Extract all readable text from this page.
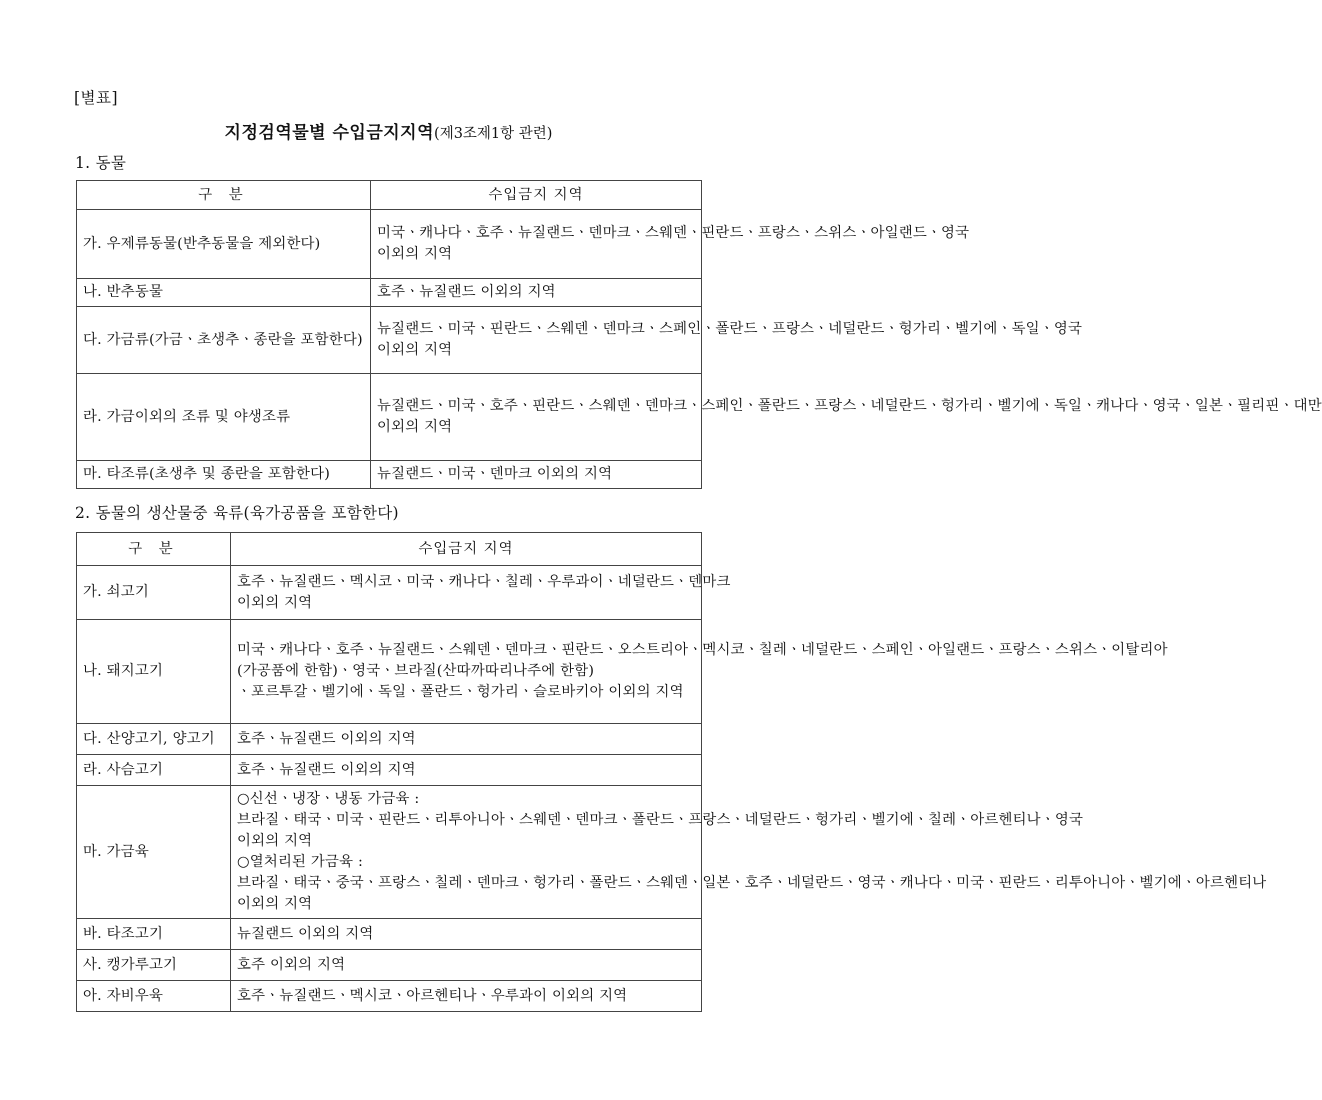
[별표]
지정검역물별 수입금지지역(제3조제1항 관련)
1. 동물
구 분	수입금지 지역
가. 우제류동물(반추동물을 제외한다)	미국ㆍ캐나다ㆍ호주ㆍ뉴질랜드ㆍ덴마크ㆍ스웨덴ㆍ핀란드ㆍ프랑스ㆍ스위스ㆍ아일랜드ㆍ영국 이외의 지역
나. 반추동물	호주ㆍ뉴질랜드 이외의 지역

다. 가금류(가금ㆍ초생추ㆍ종란을 포함한다)	뉴질랜드ㆍ미국ㆍ핀란드ㆍ스웨덴ㆍ덴마크ㆍ스페인ㆍ폴란드ㆍ프랑스ㆍ네덜란드ㆍ헝가리ㆍ벨기에ㆍ독일ㆍ영국 이외의 지역
라. 가금이외의 조류 및 야생조류	뉴질랜드ㆍ미국ㆍ호주ㆍ핀란드ㆍ스웨덴ㆍ덴마크ㆍ스페인ㆍ폴란드ㆍ프랑스ㆍ네덜란드ㆍ헝가리ㆍ벨기에ㆍ독일ㆍ캐나다ㆍ영국ㆍ일본ㆍ필리핀ㆍ대만 이외의 지역
마. 타조류(초생추 및 종란을 포함한다)	뉴질랜드ㆍ미국ㆍ덴마크 이외의 지역
2. 동물의 생산물중 육류(육가공품을 포함한다)
구 분	수입금지 지역
가. 쇠고기	호주ㆍ뉴질랜드ㆍ멕시코ㆍ미국ㆍ캐나다ㆍ칠레ㆍ우루과이ㆍ네덜란드ㆍ덴마크 이외의 지역
나. 돼지고기	미국ㆍ캐나다ㆍ호주ㆍ뉴질랜드ㆍ스웨덴ㆍ덴마크ㆍ핀란드ㆍ오스트리아ㆍ멕시코ㆍ칠레ㆍ네덜란드ㆍ스페인ㆍ아일랜드ㆍ프랑스ㆍ스위스ㆍ이탈리아(가공품에 한함)ㆍ영국ㆍ브라질(산따까따리나주에 한함)ㆍ포르투갈ㆍ벨기에ㆍ독일ㆍ폴란드ㆍ헝가리ㆍ슬로바키아 이외의 지역
다. 산양고기, 양고기	호주ㆍ뉴질랜드 이외의 지역
라. 사슴고기	호주ㆍ뉴질랜드 이외의 지역
마. 가금육	○신선ㆍ냉장ㆍ냉동 가금육 : 브라질ㆍ태국ㆍ미국ㆍ핀란드ㆍ리투아니아ㆍ스웨덴ㆍ덴마크ㆍ폴란드ㆍ프랑스ㆍ네덜란드ㆍ헝가리ㆍ벨기에ㆍ칠레ㆍ아르헨티나ㆍ영국 이외의 지역
○열처리된 가금육 : 브라질ㆍ태국ㆍ중국ㆍ프랑스ㆍ칠레ㆍ덴마크ㆍ헝가리ㆍ폴란드ㆍ스웨덴ㆍ일본ㆍ호주ㆍ네덜란드ㆍ영국ㆍ캐나다ㆍ미국ㆍ핀란드ㆍ리투아니아ㆍ벨기에ㆍ아르헨티나 이외의 지역

바. 타조고기	뉴질랜드 이외의 지역
사. 캥가루고기	호주 이외의 지역
아. 자비우육	호주ㆍ뉴질랜드ㆍ멕시코ㆍ아르헨티나ㆍ우루과이 이외의 지역
